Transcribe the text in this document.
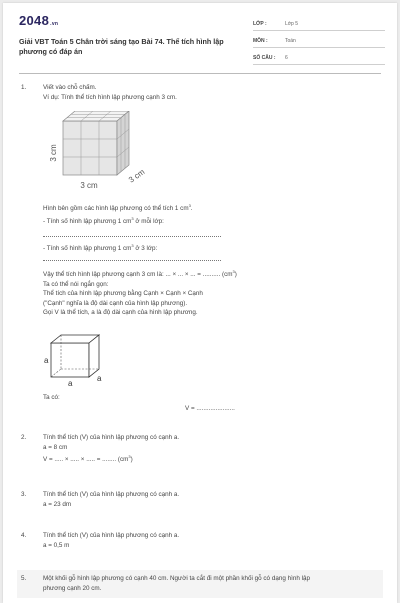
2048.vn
Giải VBT Toán 5 Chân trời sáng tạo Bài 74. Thể tích hình lập phương có đáp án
LỚP :	Lớp 5
MÔN :	Toán
SỐ CÂU : 6
1.	Viết vào chỗ chấm.
Ví dụ: Tính thể tích hình lập phương cạnh 3 cm.
3 cm
3 cm
3 cm
Hình bên gồm các hình lập phương có thể tích 1 $cm^3$.
- Tính số hình lập phương 1 $cm^3$ ở mỗi lớp:
- Tính số hình lập phương 1 $cm^3$ ở 3 lớp:
Vậy thể tích hình lập phương cạnh 3 cm là: ... × ... × ... = .......... $(cm^3)$
Ta có thể nói ngắn gọn:
Thể tích của hình lập phương bằng Cạnh × Cạnh × Cạnh
("Cạnh" nghĩa là độ dài cạnh của hình lập phương).
Gọi V là thể tích, a là độ dài cạnh của hình lập phương.
a
a
a
Ta có:
V = ......................
2.	Tính thể tích (V) của hình lập phương có cạnh a.
a = 8 cm
V = ..... × ..... × ..... = ........ $(cm^3)$
3.	Tính thể tích (V) của hình lập phương có cạnh a.
a = 23 dm
4.	Tính thể tích (V) của hình lập phương có cạnh a.
a = 0,5 m
5.	Một khối gỗ hình lập phương có cạnh 40 cm. Người ta cắt đi một phần khối gỗ có dạng hình lập
phương cạnh 20 cm.
